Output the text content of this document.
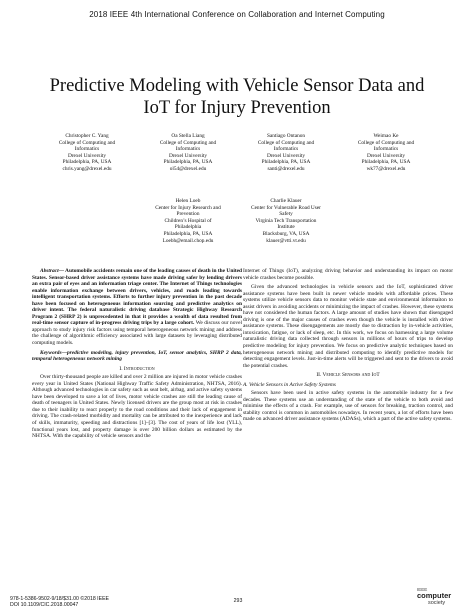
2018 IEEE 4th International Conference on Collaboration and Internet Computing
Predictive Modeling with Vehicle Sensor Data and
IoT for Injury Prevention
Christopher C. Yang
College of Computing and
Informatics
Drexel University
Philadelphia, PA, USA
chris.yang@drexel.edu
Oa Stella Liang
College of Computing and
Informatics
Drexel University
Philadelphia, PA, USA
ol54@drexel.edu
Santiago Ontanon
College of Computing and
Informatics
Drexel University
Philadelphia, PA, USA
santi@drexel.edu
Weimao Ke
College of Computing and
Informatics
Drexel University
Philadelphia, PA, USA
wk77@drexel.edu
Helen Loeb
Center for Injury Research and
Prevention
Children’s Hospital of
Philadelphia
Philadelphia, PA, USA
Loebh@email.chop.edu
Charlie Klauer
Center for Vulnerable Road User
Safety
Virginia Tech Transportation
Institute
Blacksburg, VA, USA
klauer@vtti.vt.edu

Abstract— Automobile accidents remain one of the leading causes of death in the United States. Sensor-based driver assistance systems have made driving safer by lending drivers an extra pair of eyes and an information triage center. The Internet of Things technologies enable information exchange between drivers, vehicles, and roads leading towards intelligent transportation systems. Efforts to further injury prevention in the past decade have been focused on heterogeneous information sourcing and predictive analytics on driver intent. The federal naturalistic driving database Strategic Highway Research Program 2 (SHRP 2) is unprecedented in that it provides a wealth of data resulted from real-time sensor capture of in-progress driving trips by a large cohort. We discuss our novel approach to study injury risk factors using temporal heterogeneous network mining and address the challenge of algorithmic efficiency associated with large datasets by leveraging distributed computing models.

Keywords—predictive modeling, injury prevention, IoT, sensor analytics, SHRP 2 data, temporal heterogeneous network mining

I. Introduction

Over thirty-thousand people are killed and over 2 million are injured in motor vehicle crashes every year in United States (National Highway Traffic Safety Administration, NHTSA, 2016). Although advanced technologies in car safety such as seat belt, airbag, and active safety systems have been developed to save a lot of lives, motor vehicle crashes are still the leading cause of death of teenagers in United States. Newly licensed drivers are the group most at risk in crashes due to their inability to react properly to the road conditions and their lack of engagement in driving. The crash-related morbidity and mortality can be attributed to the inexperience and lack of skills, immaturity, speeding and distractions [1]–[3]. The cost of years of life lost (YLL), functional years lost, and property damage is over 200 billion dollars as estimated by the NHTSA. With the capability of vehicle sensors and the

Internet of Things (IoT), analyzing driving behavior and understanding its impact on motor vehicle crashes become possible.

Given the advanced technologies in vehicle sensors and the IoT, sophisticated driver assistance systems have been built in newer vehicle models with affordable prices. These systems utilize vehicle sensors data to monitor vehicle state and environmental informaiton to assist drivers in avoiding accidents or minimizing the impact of crashes. However, these systems have not considered the human factors. A large amount of studies have shown that disengaged driving is one of the major causes of crashes even though the vehicle is installed with driver assistance systems. These disengagements are mostly due to distraction by in-vehicle activities, intoxication, fatigue, or lack of sleep, etc. In this work, we focus on harnessing a large volume naturalistic driving data collected through sensors in millions of hours of trips to develop predictive modeling for injury prevention. We focus on predictive analytic techniques based on heterogeneous network mining and distributed computing to identify predictive models for detecting engagement levels. Just-in-time alerts will be triggered and sent to the drivers to avoid the potential crashes.

II. Vehicle Sensors and IoT
A. Vehicle Sensors in Active Safety Systems

Sensors have been used in active safety systems in the automobile industry for a few decades. These systems use an understanding of the state of the vehicle to both avoid and minimise the effects of a crash. For example, use of sensors for breaking, traction control, and stability control is common in automobiles nowadays. In recent years, a lot of efforts have been made on advanced driver assistance systems (ADASs), which a part of the active safety systems.

978-1-5386-9502-9/18/$31.00 ©2018 IEEE
DOI 10.1109/CIC.2018.00047
293
IEEE
computer
society
